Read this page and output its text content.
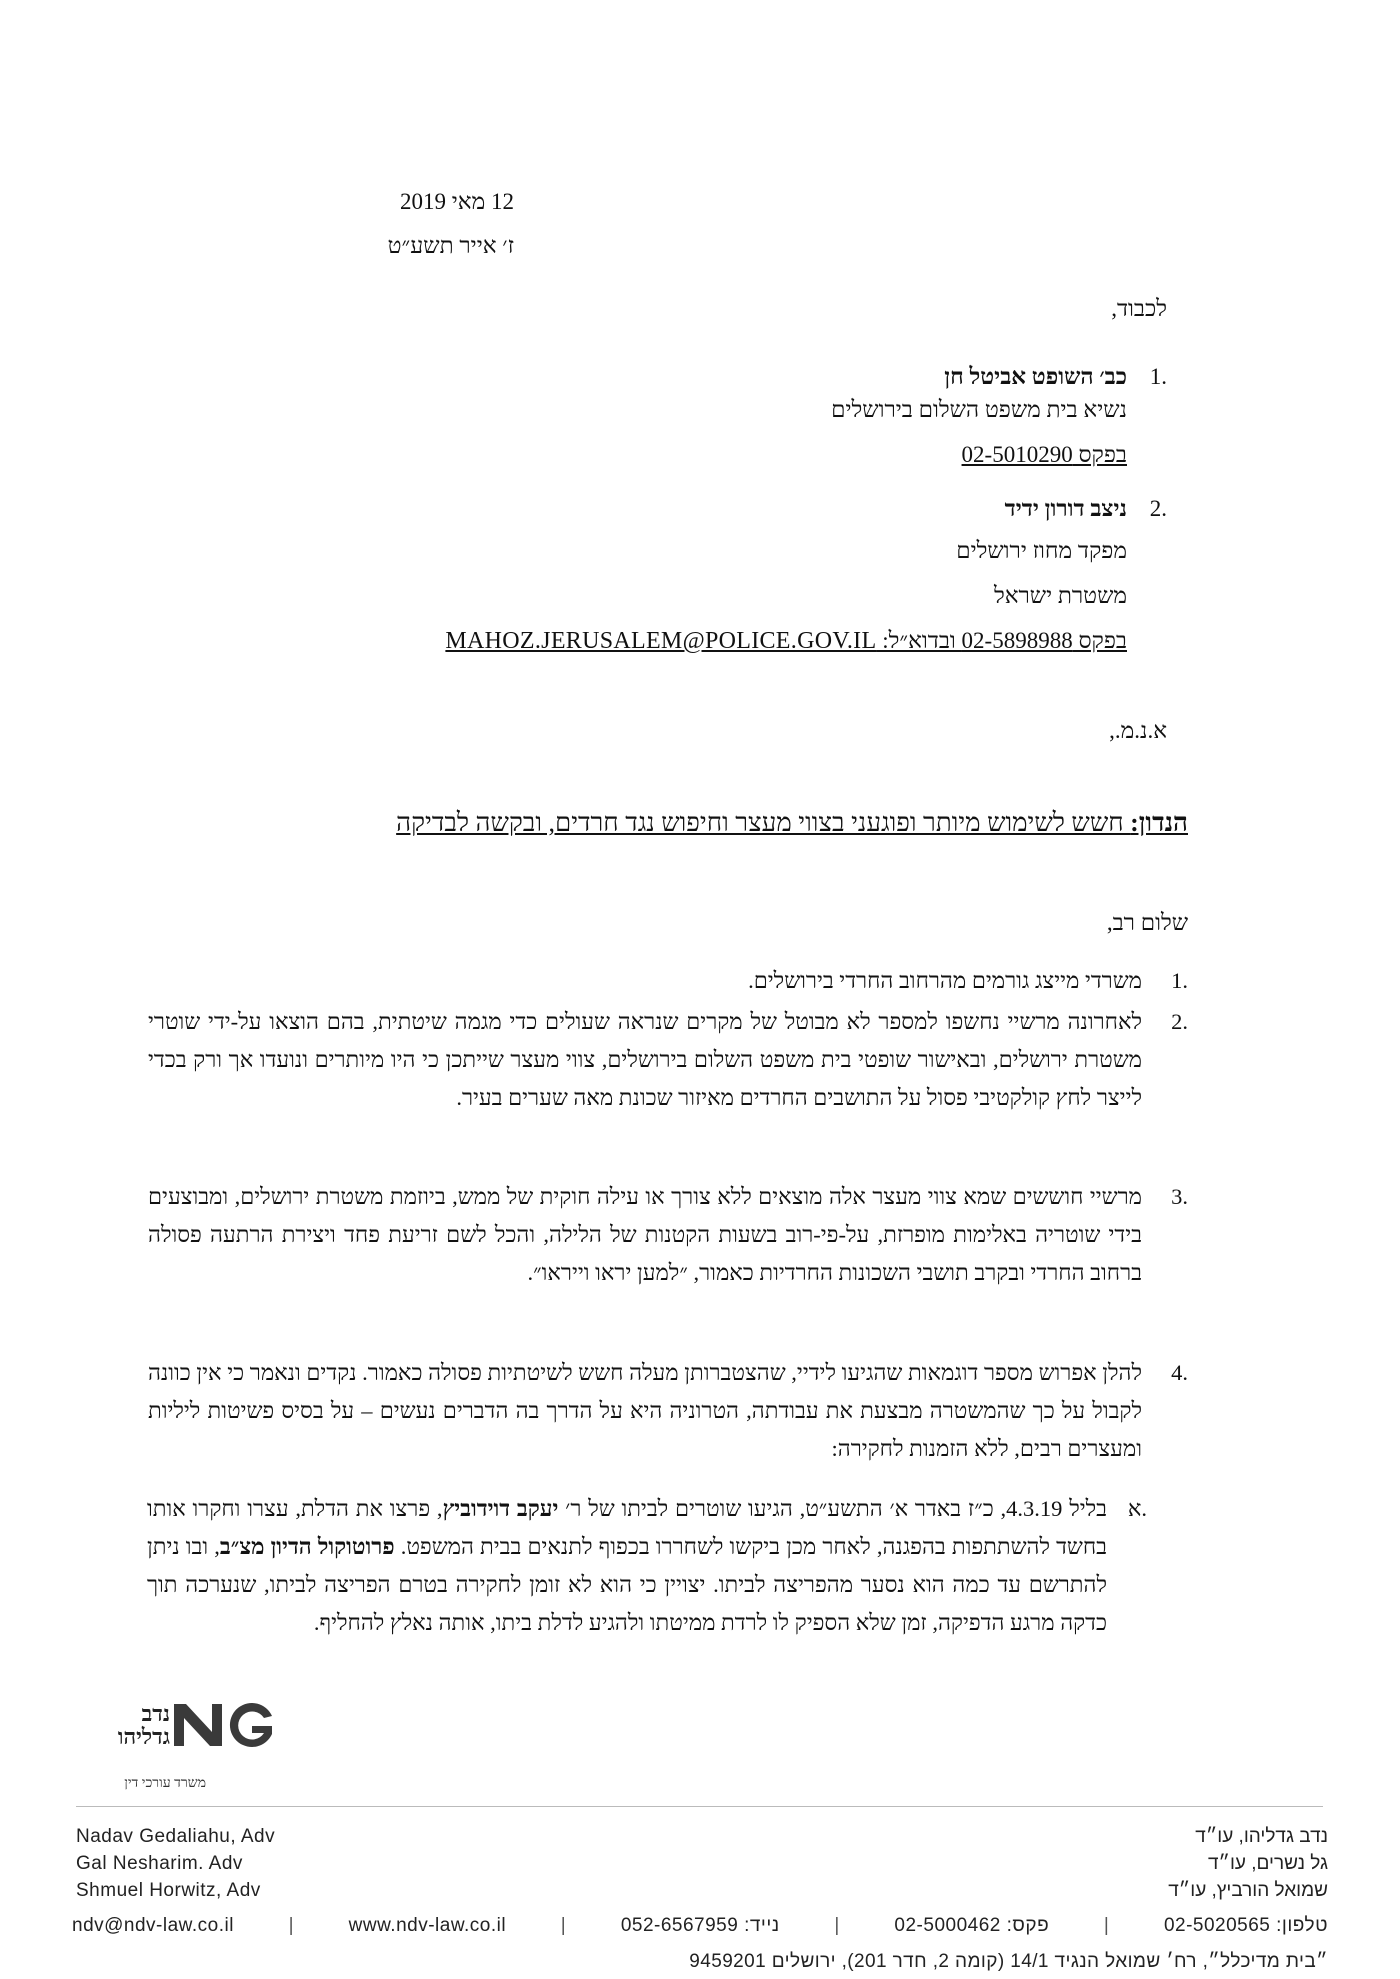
12 מאי 2019
ז׳ אייר תשע״ט
לכבוד,
.1כב׳ השופט אביטל חן
נשיא בית משפט השלום בירושלים
בפקס 02-5010290
.2ניצב דורון ידיד
מפקד מחוז ירושלים
משטרת ישראל
בפקס 02-5898988 ובדוא״ל: MAHOZ.JERUSALEM@POLICE.GOV.IL
א.נ.מ.,
הנדון: חשש לשימוש מיותר ופוגעני בצווי מעצר וחיפוש נגד חרדים, ובקשה לבדיקה
שלום רב,
.1
משרדי מייצג גורמים מהרחוב החרדי בירושלים.
.2
לאחרונה מרשיי נחשפו למספר לא מבוטל של מקרים שנראה שעולים כדי מגמה שיטתית, בהם הוצאו על-ידי שוטרי משטרת ירושלים, ובאישור שופטי בית משפט השלום בירושלים, צווי מעצר שייתכן כי היו מיותרים ונועדו אך ורק בכדי לייצר לחץ קולקטיבי פסול על התושבים החרדים מאיזור שכונת מאה שערים בעיר.
.3
מרשיי חוששים שמא צווי מעצר אלה מוצאים ללא צורך או עילה חוקית של ממש, ביוזמת משטרת ירושלים, ומבוצעים בידי שוטריה באלימות מופרזת, על-פי-רוב בשעות הקטנות של הלילה, והכל לשם זריעת פחד ויצירת הרתעה פסולה ברחוב החרדי ובקרב תושבי השכונות החרדיות כאמור, ״למען יראו וייראו״.
.4
להלן אפרוש מספר דוגמאות שהגיעו לידיי, שהצטברותן מעלה חשש לשיטתיות פסולה כאמור. נקדים ונאמר כי אין כוונה לקבול על כך שהמשטרה מבצעת את עבודתה, הטרוניה היא על הדרך בה הדברים נעשים – על בסיס פשיטות ליליות ומעצרים רבים, ללא הזמנות לחקירה:
.א
בליל 4.3.19, כ״ז באדר א׳ התשע״ט, הגיעו שוטרים לביתו של ר׳ יעקב דוידוביץ, פרצו את הדלת, עצרו וחקרו אותו בחשד להשתתפות בהפגנה, לאחר מכן ביקשו לשחררו בכפוף לתנאים בבית המשפט. פרוטוקול הדיון מצ״ב, ובו ניתן להתרשם עד כמה הוא נסער מהפריצה לביתו. יצויין כי הוא לא זומן לחקירה בטרם הפריצה לביתו, שנערכה תוך כדקה מרגע הדפיקה, זמן שלא הספיק לו לרדת ממיטתו ולהגיע לדלת ביתו, אותה נאלץ להחליף.
נדב
גדליהו
משרד עורכי דין
Nadav Gedaliahu, Adv
Gal Nesharim. Adv
Shmuel Horwitz, Adv
נדב גדליהו, עו״ד
גל נשרים, עו״ד
שמואל הורביץ, עו״ד
ndv@ndv-law.co.il	|	www.ndv-law.co.il	|	052-6567959 :נייד	|	02-5000462 :פקס	|	טלפון: 02-5020565
״בית מדיכלל״, רח׳ שמואל הנגיד 14/1 (קומה 2, חדר 201), ירושלים 9459201
